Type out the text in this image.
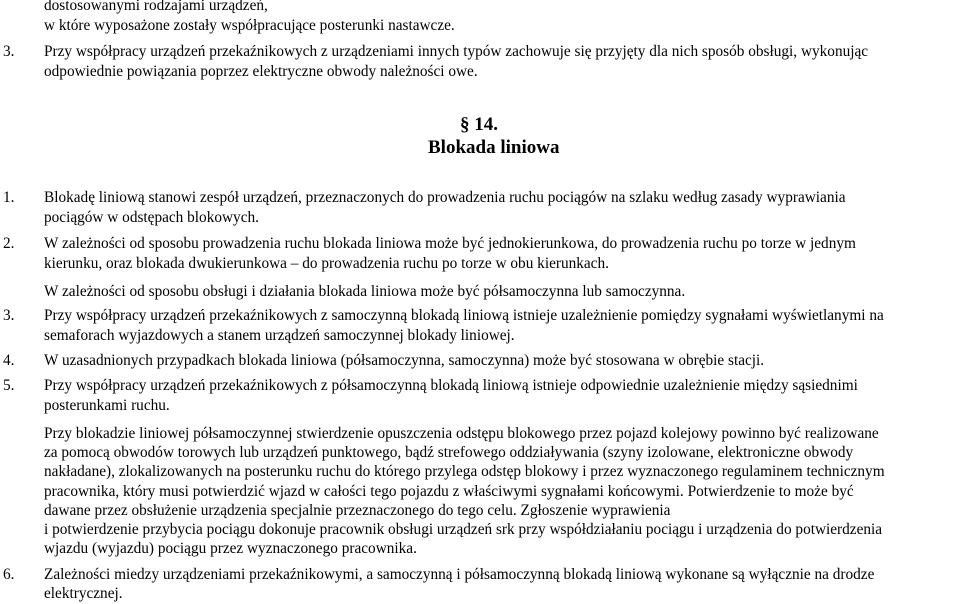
dostosowanymi rodzajami urządzeń,
w które wyposażone zostały współpracujące posterunki nastawcze.
3. Przy współpracy urządzeń przekaźnikowych z urządzeniami innych typów zachowuje się przyjęty dla nich sposób obsługi, wykonując
odpowiednie powiązania poprzez elektryczne obwody należności owe.
§ 14.
Blokada liniowa
1. Blokadę liniową stanowi zespół urządzeń, przeznaczonych do prowadzenia ruchu pociągów na szlaku według zasady wyprawiania
pociągów w odstępach blokowych.
2. W zależności od sposobu prowadzenia ruchu blokada liniowa może być jednokierunkowa, do prowadzenia ruchu po torze w jednym
kierunku, oraz blokada dwukierunkowa – do prowadzenia ruchu po torze w obu kierunkach.
W zależności od sposobu obsługi i działania blokada liniowa może być półsamoczynna lub samoczynna.
3. Przy współpracy urządzeń przekaźnikowych z samoczynną blokadą liniową istnieje uzależnienie pomiędzy sygnałami wyświetlanymi na
semaforach wyjazdowych a stanem urządzeń samoczynnej blokady liniowej.
4. W uzasadnionych przypadkach blokada liniowa (półsamoczynna, samoczynna) może być stosowana w obrębie stacji.
5. Przy współpracy urządzeń przekaźnikowych z półsamoczynną blokadą liniową istnieje odpowiednie uzależnienie między sąsiednimi
posterunkami ruchu.
Przy blokadzie liniowej półsamoczynnej stwierdzenie opuszczenia odstępu blokowego przez pojazd kolejowy powinno być realizowane
za pomocą obwodów torowych lub urządzeń punktowego, bądź strefowego oddziaływania (szyny izolowane, elektroniczne obwody
nakładane), zlokalizowanych na posterunku ruchu do którego przylega odstęp blokowy i przez wyznaczonego regulaminem technicznym
pracownika, który musi potwierdzić wjazd w całości tego pojazdu z właściwymi sygnałami końcowymi. Potwierdzenie to może być
dawane przez obsłużenie urządzenia specjalnie przeznaczonego do tego celu. Zgłoszenie wyprawienia
i potwierdzenie przybycia pociągu dokonuje pracownik obsługi urządzeń srk przy współdziałaniu pociągu i urządzenia do potwierdzenia
wjazdu (wyjazdu) pociągu przez wyznaczonego pracownika.
6. Zależności miedzy urządzeniami przekaźnikowymi, a samoczynną i półsamoczynną blokadą liniową wykonane są wyłącznie na drodze
elektrycznej.
